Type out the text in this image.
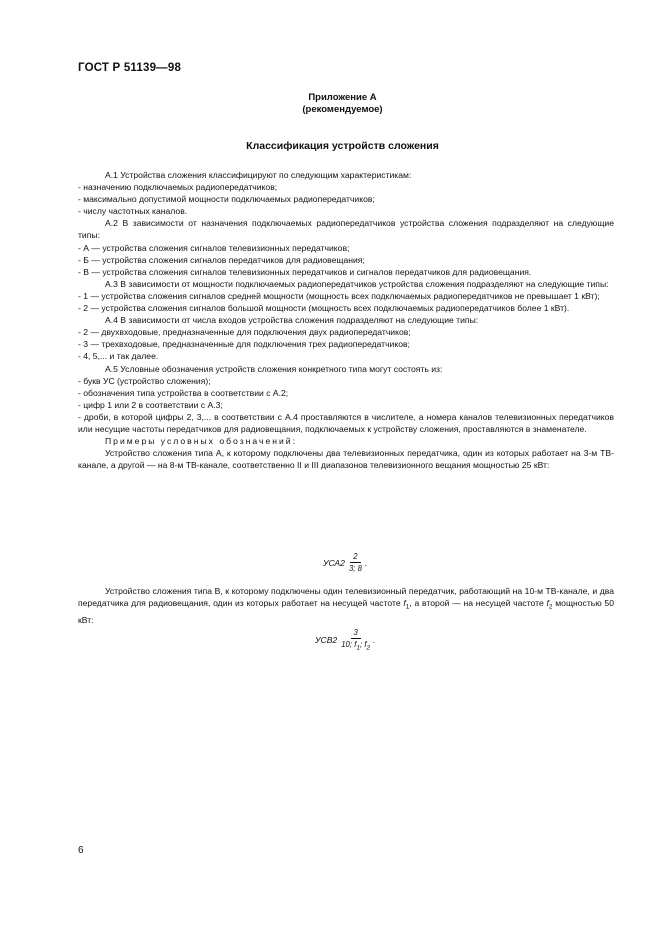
ГОСТ Р 51139—98
Приложение А
(рекомендуемое)
Классификация устройств сложения

А.1 Устройства сложения классифицируют по следующим характеристикам:

- назначению подключаемых радиопередатчиков;

- максимально допустимой мощности подключаемых радиопередатчиков;

- числу частотных каналов.

А.2 В зависимости от назначения подключаемых радиопередатчиков устройства сложения подразделяют на следующие типы:

- А — устройства сложения сигналов телевизионных передатчиков;

- Б — устройства сложения сигналов передатчиков для радиовещания;

- В — устройства сложения сигналов телевизионных передатчиков и сигналов передатчиков для радиовещания.

А.3 В зависимости от мощности подключаемых радиопередатчиков устройства сложения подразделяют на следующие типы:

- 1 — устройства сложения сигналов средней мощности (мощность всех подключаемых радиопередатчиков не превышает 1 кВт);

- 2 — устройства сложения сигналов большой мощности (мощность всех подключаемых радиопередатчиков более 1 кВт).

А.4 В зависимости от числа входов устройства сложения подразделяют на следующие типы:

- 2 — двухвходовые, предназначенные для подключения двух радиопередатчиков;

- 3 — трехвходовые, предназначенные для подключения трех радиопередатчиков;

- 4, 5,... и так далее.

А.5 Условные обозначения устройств сложения конкретного типа могут состоять из:

- букв УС (устройство сложения);

- обозначения типа устройства в соответствии с А.2;

- цифр 1 или 2 в соответствии с А.3;

- дроби, в которой цифры 2, 3,... в соответствии с А.4 проставляются в числителе, а номера каналов телевизионных передатчиков или несущие частоты передатчиков для радиовещания, подключаемых к устройству сложения, проставляются в знаменателе.

Примеры условных обозначений:

Устройство сложения типа А, к которому подключены два телевизионных передатчика, один из которых работает на 3-м ТВ-канале, а другой — на 8-м ТВ-канале, соответственно II и III диапазонов телевизионного вещания мощностью 25 кВт:

$УСА2 \frac{2}{3; 8}$ .

Устройство сложения типа В, к которому подключены один телевизионный передатчик, работающий на 10-м ТВ-канале, и два передатчика для радиовещания, один из которых работает на несущей частоте $f_1$, а второй — на несущей частоте $f_2$ мощностью 50 кВт:

$УСВ2 \frac{3}{10; f_1; f_2}$ .
6
